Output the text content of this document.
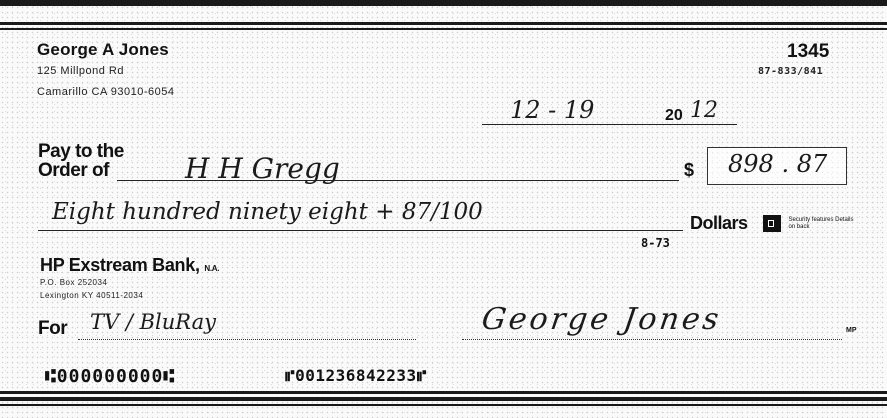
George A Jones
125 Millpond Rd
Camarillo CA 93010-6054
1345
87-833/841
12 - 19	20 12
Pay to the
Order of	H H Gregg	$ 898 . 87
Eight hundred ninety eight + 87/100	Dollars	Security features Details on back
8-73
HP Exstream Bank, N.A.
P.O. Box 252034
Lexington KY 40511-2034
For TV / BluRay	George Jones	MP
⑆000000000⑆	⑈001236842233⑈
